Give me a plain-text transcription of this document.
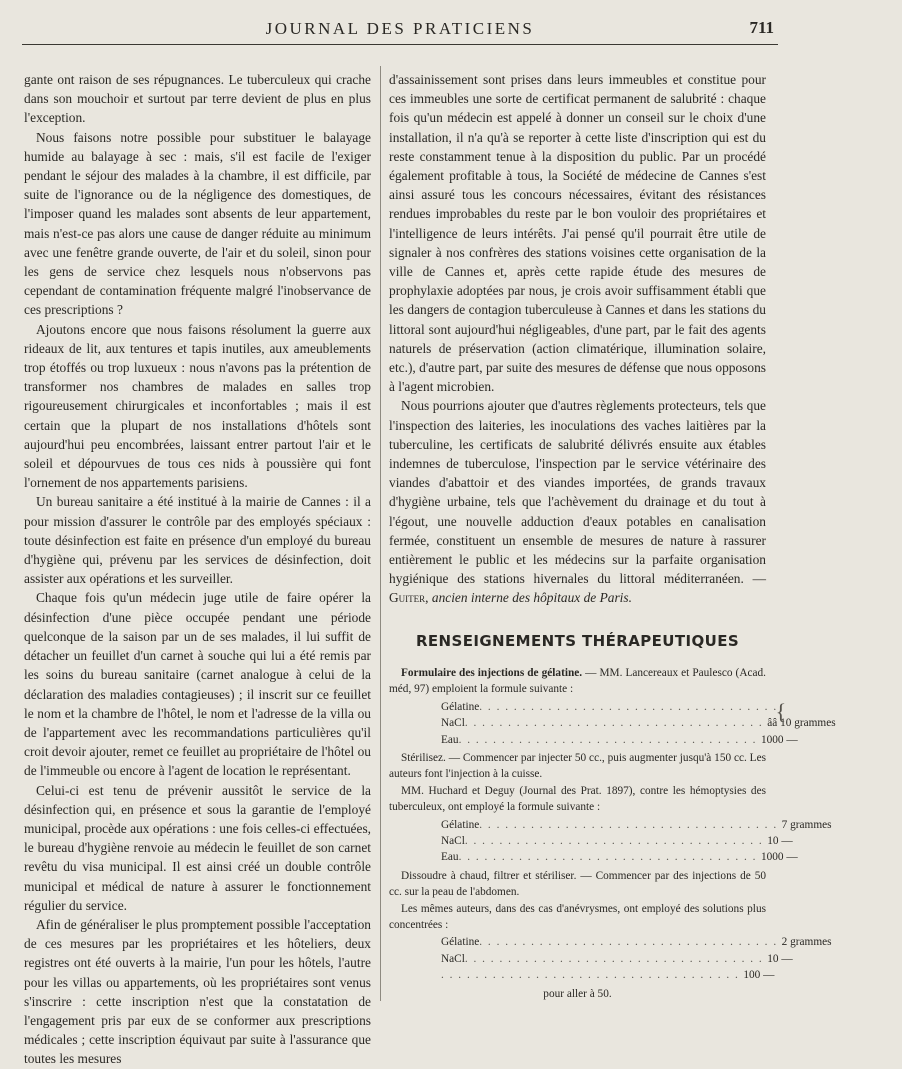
JOURNAL DES PRATICIENS	711

gante ont raison de ses répugnances. Le tuberculeux qui crache dans son mouchoir et surtout par terre devient de plus en plus l'exception.

Nous faisons notre possible pour substituer le balayage humide au balayage à sec : mais, s'il est facile de l'exiger pendant le séjour des malades à la chambre, il est difficile, par suite de l'ignorance ou de la négligence des domestiques, de l'imposer quand les malades sont absents de leur appartement, mais n'est-ce pas alors une cause de danger réduite au minimum avec une fenêtre grande ouverte, de l'air et du soleil, sinon pour les gens de service chez lesquels nous n'observons pas cependant de contamination fréquente malgré l'inobservance de ces prescriptions ?

Ajoutons encore que nous faisons résolument la guerre aux rideaux de lit, aux tentures et tapis inutiles, aux ameublements trop étoffés ou trop luxueux : nous n'avons pas la prétention de transformer nos chambres de malades en salles trop rigoureusement chirurgicales et inconfortables ; mais il est certain que la plupart de nos installations d'hôtels sont aujourd'hui peu encombrées, laissant entrer partout l'air et le soleil et dépourvues de tous ces nids à poussière qui font l'ornement de nos appartements parisiens.

Un bureau sanitaire a été institué à la mairie de Cannes : il a pour mission d'assurer le contrôle par des employés spéciaux : toute désinfection est faite en présence d'un employé du bureau d'hygiène qui, prévenu par les services de désinfection, doit assister aux opérations et les surveiller.

Chaque fois qu'un médecin juge utile de faire opérer la désinfection d'une pièce occupée pendant une période quelconque de la saison par un de ses malades, il lui suffit de détacher un feuillet d'un carnet à souche qui lui a été remis par les soins du bureau sanitaire (carnet analogue à celui de la déclaration des maladies contagieuses) ; il inscrit sur ce feuillet le nom et la chambre de l'hôtel, le nom et l'adresse de la villa ou de l'appartement avec les recommandations particulières qu'il croit devoir ajouter, remet ce feuillet au propriétaire de l'hôtel ou de l'immeuble ou encore à l'agent de location le représentant.

Celui-ci est tenu de prévenir aussitôt le service de la désinfection qui, en présence et sous la garantie de l'employé municipal, procède aux opérations : une fois celles-ci effectuées, le bureau d'hygiène renvoie au médecin le feuillet de son carnet revêtu du visa municipal. Il est ainsi créé un double contrôle municipal et médical de nature à assurer le fonctionnement régulier du service.

Afin de généraliser le plus promptement possible l'acceptation de ces mesures par les propriétaires et les hôteliers, deux registres ont été ouverts à la mairie, l'un pour les hôtels, l'autre pour les villas ou appartements, où les propriétaires sont venus s'inscrire : cette inscription n'est que la constatation de l'engagement pris par eux de se conformer aux prescriptions médicales ; cette inscription équivaut par suite à l'assurance que toutes les mesures

d'assainissement sont prises dans leurs immeubles et constitue pour ces immeubles une sorte de certificat permanent de salubrité : chaque fois qu'un médecin est appelé à donner un conseil sur le choix d'une installation, il n'a qu'à se reporter à cette liste d'inscription qui est du reste constamment tenue à la disposition du public. Par un procédé également profitable à tous, la Société de médecine de Cannes s'est ainsi assuré tous les concours nécessaires, évitant des résistances rendues improbables du reste par le bon vouloir des propriétaires et l'intelligence de leurs intérêts. J'ai pensé qu'il pourrait être utile de signaler à nos confrères des stations voisines cette organisation de la ville de Cannes et, après cette rapide étude des mesures de prophylaxie adoptées par nous, je crois avoir suffisamment établi que les dangers de contagion tuberculeuse à Cannes et dans les stations du littoral sont aujourd'hui négligeables, d'une part, par le fait des agents naturels de préservation (action climatérique, illumination solaire, etc.), d'autre part, par suite des mesures de défense que nous opposons à l'agent microbien.

Nous pourrions ajouter que d'autres règlements protecteurs, tels que l'inspection des laiteries, les inoculations des vaches laitières par la tuberculine, les certificats de salubrité délivrés ensuite aux étables indemnes de tuberculose, l'inspection par le service vétérinaire des viandes d'abattoir et des viandes importées, de grands travaux d'hygiène urbaine, tels que l'achèvement du drainage et du tout à l'égout, une nouvelle adduction d'eaux potables en canalisation fermée, constituent un ensemble de mesures de nature à rassurer entièrement le public et les médecins sur la parfaite organisation hygiénique des stations hivernales du littoral méditerranéen. — Guiter, ancien interne des hôpitaux de Paris.

RENSEIGNEMENTS THÉRAPEUTIQUES

Formulaire des injections de gélatine. — MM. Lancereaux et Paulesco (Acad. méd, 97) emploient la formule suivante :

Gélatine . . . . . . . . . . . . . . . . . . . . . . . . . . . . . . . . . . .
{
NaCl . . . . . . . . . . . . . . . . . . . . . . . . . . . . . . . . . . . ââ 10 grammes
Eau . . . . . . . . . . . . . . . . . . . . . . . . . . . . . . . . . . . 1000 —

Stérilisez. — Commencer par injecter 50 cc., puis augmenter jusqu'à 150 cc. Les auteurs font l'injection à la cuisse.

MM. Huchard et Deguy (Journal des Prat. 1897), contre les hémoptysies des tuberculeux, ont employé la formule suivante :

Gélatine . . . . . . . . . . . . . . . . . . . . . . . . . . . . . . . . . . . 7 grammes
NaCl . . . . . . . . . . . . . . . . . . . . . . . . . . . . . . . . . . . 10 —
Eau . . . . . . . . . . . . . . . . . . . . . . . . . . . . . . . . . . . 1000 —

Dissoudre à chaud, filtrer et stériliser. — Commencer par des injections de 50 cc. sur la peau de l'abdomen.

Les mêmes auteurs, dans des cas d'anévrysmes, ont employé des solutions plus concentrées :

Gélatine . . . . . . . . . . . . . . . . . . . . . . . . . . . . . . . . . . . 2 grammes
NaCl . . . . . . . . . . . . . . . . . . . . . . . . . . . . . . . . . . . 10 —
. . . . . . . . . . . . . . . . . . . . . . . . . . . . . . . . . . . 100 —
pour aller à 50.
